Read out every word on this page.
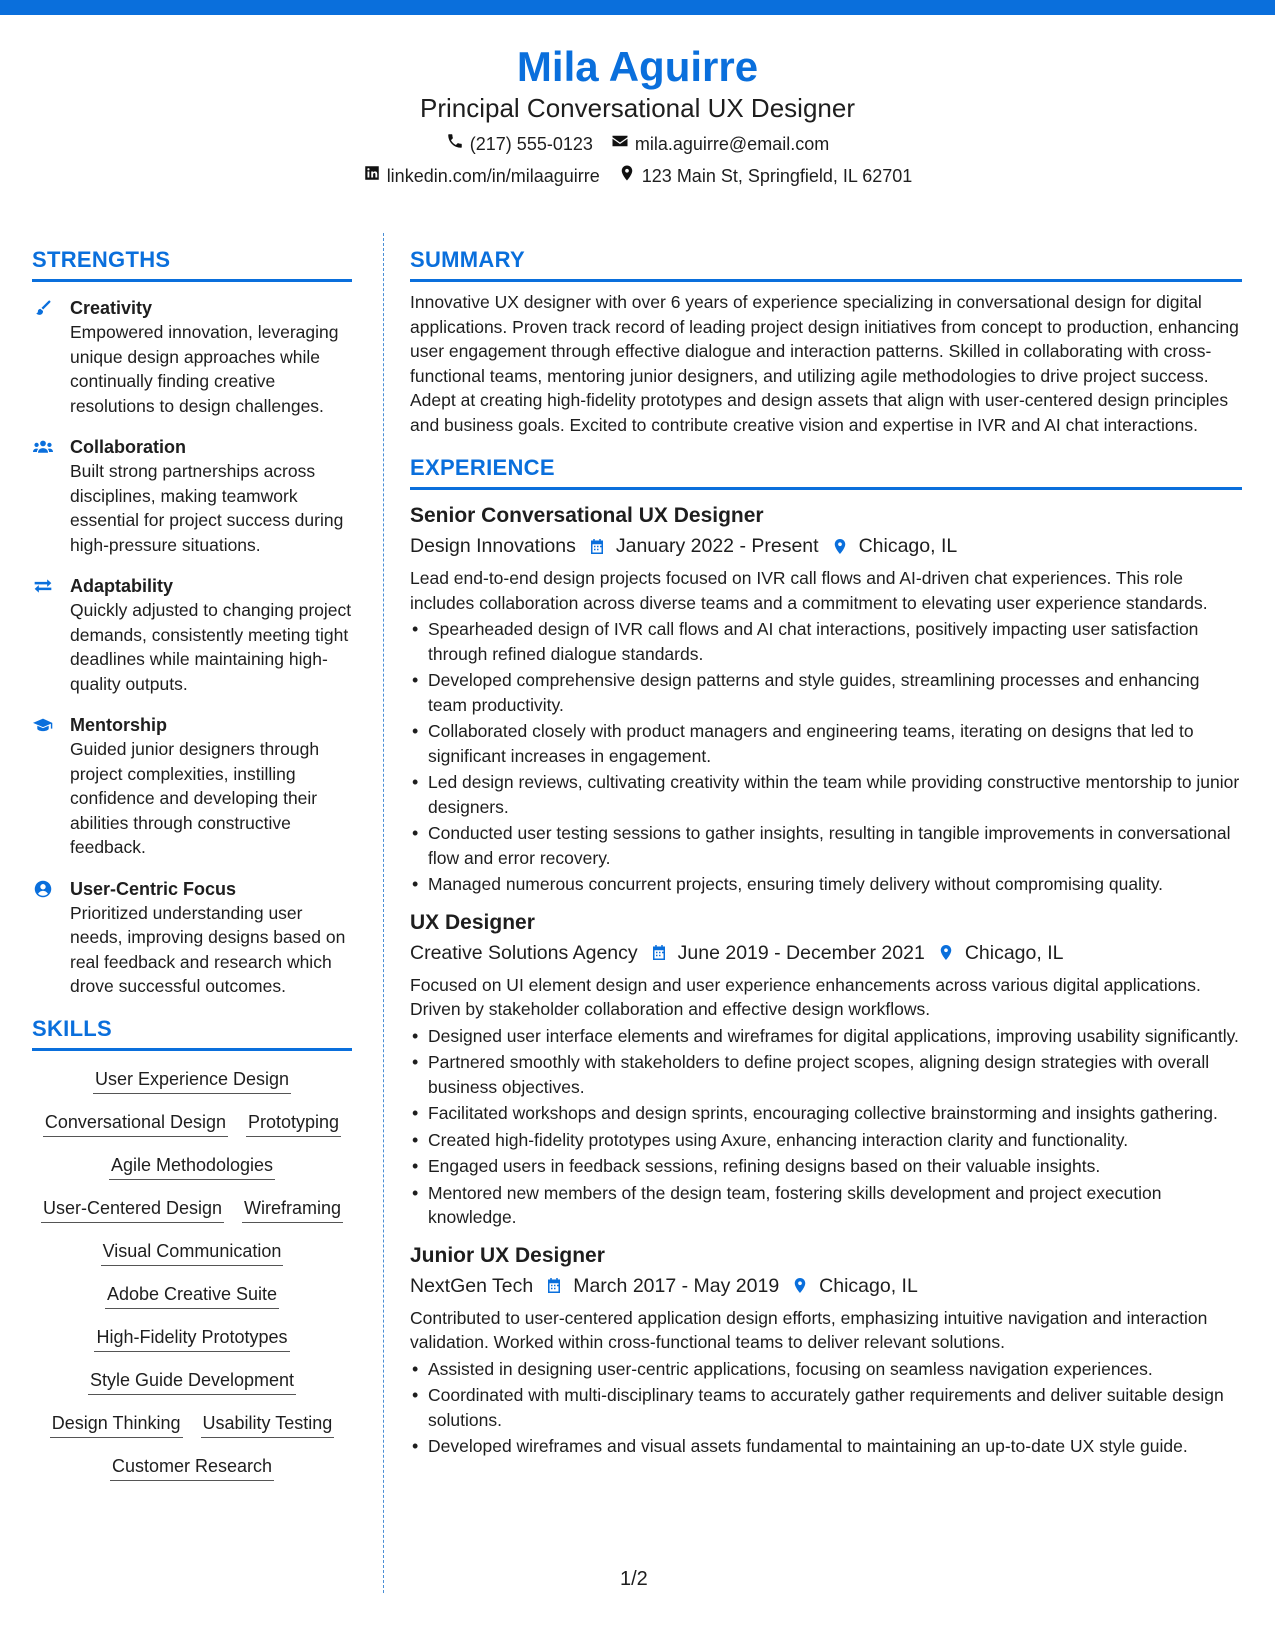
Mila Aguirre
Principal Conversational UX Designer
(217) 555-0123 mila.aguirre@email.com
linkedin.com/in/milaaguirre 123 Main St, Springfield, IL 62701
STRENGTHS
Creativity
Empowered innovation, leveraging unique design approaches while continually finding creative resolutions to design challenges.
Collaboration
Built strong partnerships across disciplines, making teamwork essential for project success during high-pressure situations.
Adaptability
Quickly adjusted to changing project demands, consistently meeting tight deadlines while maintaining high-quality outputs.
Mentorship
Guided junior designers through project complexities, instilling confidence and developing their abilities through constructive feedback.
User-Centric Focus
Prioritized understanding user needs, improving designs based on real feedback and research which drove successful outcomes.
SKILLS
User Experience Design
Conversational Design Prototyping
Agile Methodologies
User-Centered Design Wireframing
Visual Communication
Adobe Creative Suite
High-Fidelity Prototypes
Style Guide Development
Design Thinking Usability Testing
Customer Research
SUMMARY
Innovative UX designer with over 6 years of experience specializing in conversational design for digital applications. Proven track record of leading project design initiatives from concept to production, enhancing user engagement through effective dialogue and interaction patterns. Skilled in collaborating with cross-functional teams, mentoring junior designers, and utilizing agile methodologies to drive project success. Adept at creating high-fidelity prototypes and design assets that align with user-centered design principles and business goals. Excited to contribute creative vision and expertise in IVR and AI chat interactions.
EXPERIENCE
Senior Conversational UX Designer
Design Innovations January 2022 - Present Chicago, IL
Lead end-to-end design projects focused on IVR call flows and AI-driven chat experiences. This role includes collaboration across diverse teams and a commitment to elevating user experience standards.
• Spearheaded design of IVR call flows and AI chat interactions, positively impacting user satisfaction through refined dialogue standards.
• Developed comprehensive design patterns and style guides, streamlining processes and enhancing team productivity.
• Collaborated closely with product managers and engineering teams, iterating on designs that led to significant increases in engagement.
• Led design reviews, cultivating creativity within the team while providing constructive mentorship to junior designers.
• Conducted user testing sessions to gather insights, resulting in tangible improvements in conversational flow and error recovery.
• Managed numerous concurrent projects, ensuring timely delivery without compromising quality.
UX Designer
Creative Solutions Agency June 2019 - December 2021 Chicago, IL
Focused on UI element design and user experience enhancements across various digital applications. Driven by stakeholder collaboration and effective design workflows.
• Designed user interface elements and wireframes for digital applications, improving usability significantly.
• Partnered smoothly with stakeholders to define project scopes, aligning design strategies with overall business objectives.
• Facilitated workshops and design sprints, encouraging collective brainstorming and insights gathering.
• Created high-fidelity prototypes using Axure, enhancing interaction clarity and functionality.
• Engaged users in feedback sessions, refining designs based on their valuable insights.
• Mentored new members of the design team, fostering skills development and project execution knowledge.
Junior UX Designer
NextGen Tech March 2017 - May 2019 Chicago, IL
Contributed to user-centered application design efforts, emphasizing intuitive navigation and interaction validation. Worked within cross-functional teams to deliver relevant solutions.
• Assisted in designing user-centric applications, focusing on seamless navigation experiences.
• Coordinated with multi-disciplinary teams to accurately gather requirements and deliver suitable design solutions.
• Developed wireframes and visual assets fundamental to maintaining an up-to-date UX style guide.
1/2
